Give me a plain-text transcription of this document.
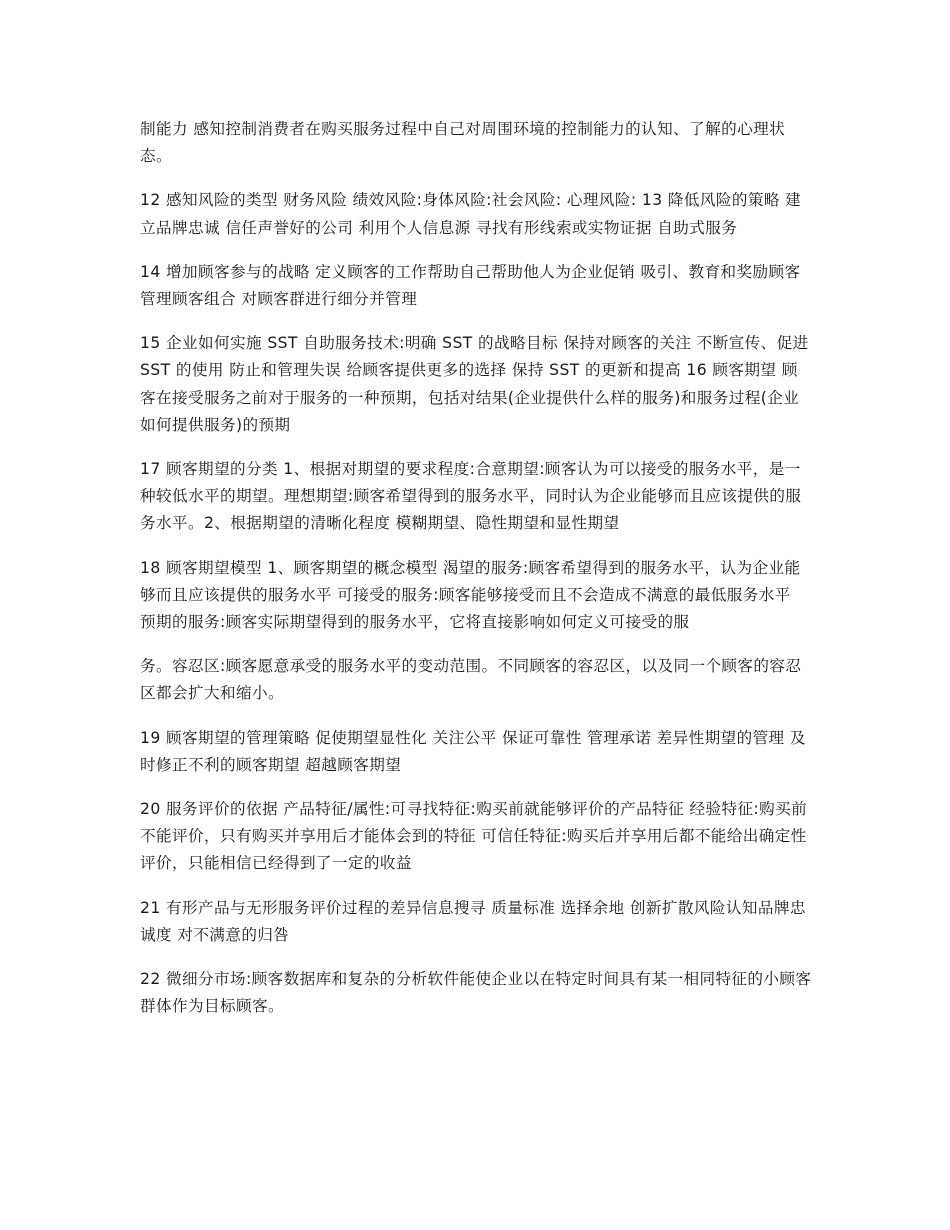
制能力 感知控制消费者在购买服务过程中自己对周围环境的控制能力的认知、了解的心理状态。

12 感知风险的类型 财务风险 绩效风险:身体风险:社会风险: 心理风险: 13 降低风险的策略 建立品牌忠诚 信任声誉好的公司 利用个人信息源 寻找有形线索或实物证据 自助式服务

14 增加顾客参与的战略 定义顾客的工作帮助自己帮助他人为企业促销 吸引、教育和奖励顾客 管理顾客组合 对顾客群进行细分并管理

15 企业如何实施 SST 自助服务技术:明确 SST 的战略目标 保持对顾客的关注 不断宣传、促进 SST 的使用 防止和管理失误 给顾客提供更多的选择 保持 SST 的更新和提高 16 顾客期望 顾客在接受服务之前对于服务的一种预期，包括对结果(企业提供什么样的服务)和服务过程(企业如何提供服务)的预期

17 顾客期望的分类 1、根据对期望的要求程度:合意期望:顾客认为可以接受的服务水平，是一种较低水平的期望。理想期望:顾客希望得到的服务水平，同时认为企业能够而且应该提供的服务水平。2、根据期望的清晰化程度 模糊期望、隐性期望和显性期望

18 顾客期望模型 1、顾客期望的概念模型 渴望的服务:顾客希望得到的服务水平，认为企业能够而且应该提供的服务水平 可接受的服务:顾客能够接受而且不会造成不满意的最低服务水平 预期的服务:顾客实际期望得到的服务水平，它将直接影响如何定义可接受的服

务。容忍区:顾客愿意承受的服务水平的变动范围。不同顾客的容忍区，以及同一个顾客的容忍区都会扩大和缩小。

19 顾客期望的管理策略 促使期望显性化 关注公平 保证可靠性 管理承诺 差异性期望的管理 及时修正不利的顾客期望 超越顾客期望

20 服务评价的依据 产品特征/属性:可寻找特征:购买前就能够评价的产品特征 经验特征:购买前不能评价，只有购买并享用后才能体会到的特征 可信任特征:购买后并享用后都不能给出确定性评价，只能相信已经得到了一定的收益

21 有形产品与无形服务评价过程的差异信息搜寻 质量标准 选择余地 创新扩散风险认知品牌忠诚度 对不满意的归咎

22 微细分市场:顾客数据库和复杂的分析软件能使企业以在特定时间具有某一相同特征的小顾客群体作为目标顾客。
